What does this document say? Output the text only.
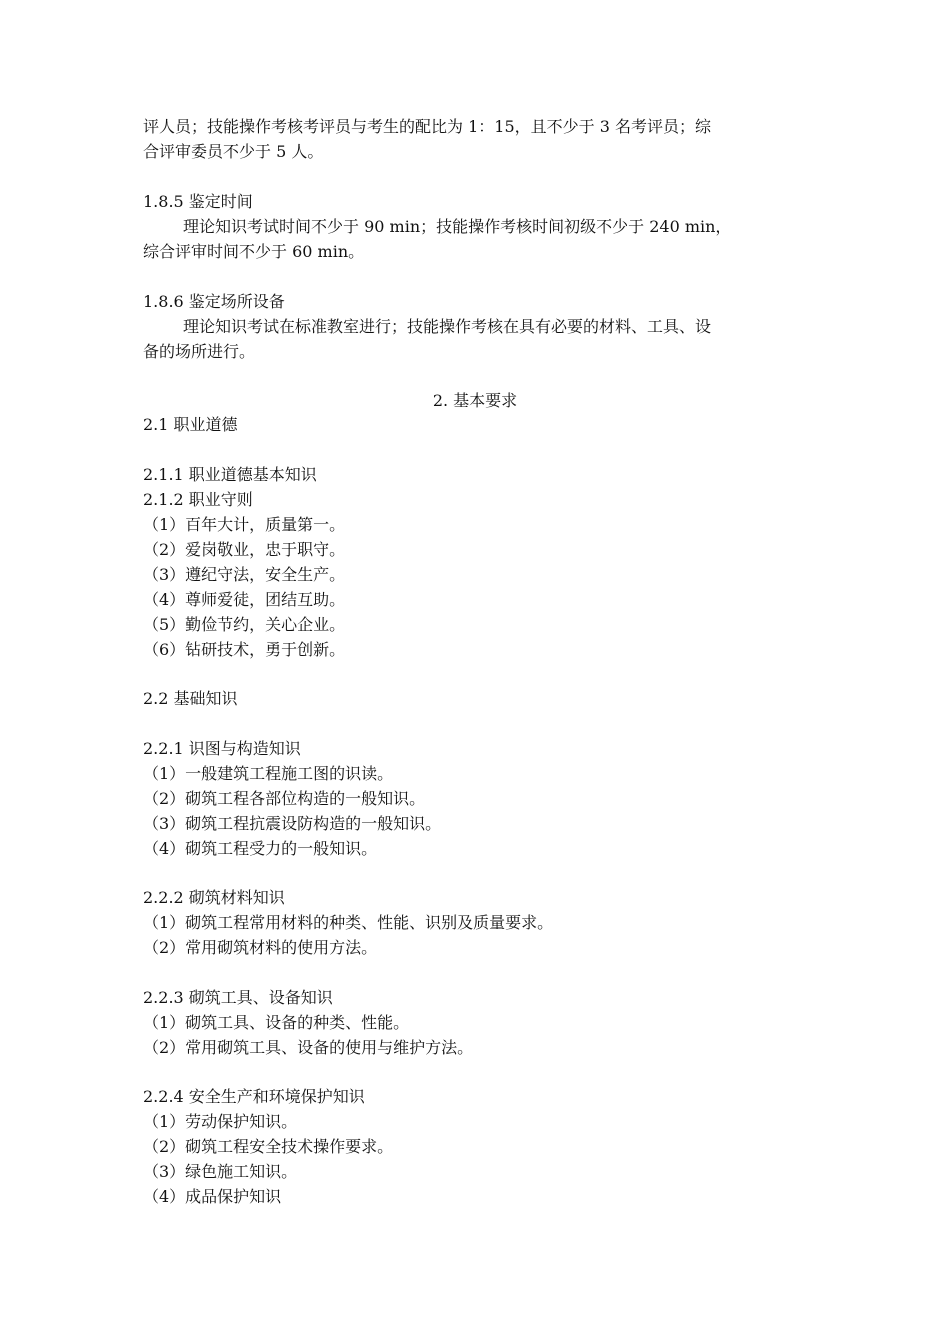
评人员；技能操作考核考评员与考生的配比为 1：15，且不少于 3 名考评员；综
合评审委员不少于 5 人。
1.8.5 鉴定时间
理论知识考试时间不少于 90 min；技能操作考核时间初级不少于 240 min，
综合评审时间不少于 60 min。
1.8.6 鉴定场所设备
理论知识考试在标准教室进行；技能操作考核在具有必要的材料、工具、设
备的场所进行。
2. 基本要求
2.1 职业道德
2.1.1 职业道德基本知识
2.1.2 职业守则
（1）百年大计，质量第一。
（2）爱岗敬业，忠于职守。
（3）遵纪守法，安全生产。
（4）尊师爱徒，团结互助。
（5）勤俭节约，关心企业。
（6）钻研技术，勇于创新。
2.2 基础知识
2.2.1 识图与构造知识
（1）一般建筑工程施工图的识读。
（2）砌筑工程各部位构造的一般知识。
（3）砌筑工程抗震设防构造的一般知识。
（4）砌筑工程受力的一般知识。
2.2.2 砌筑材料知识
（1）砌筑工程常用材料的种类、性能、识别及质量要求。
（2）常用砌筑材料的使用方法。
2.2.3 砌筑工具、设备知识
（1）砌筑工具、设备的种类、性能。
（2）常用砌筑工具、设备的使用与维护方法。
2.2.4 安全生产和环境保护知识
（1）劳动保护知识。
（2）砌筑工程安全技术操作要求。
（3）绿色施工知识。
（4）成品保护知识
